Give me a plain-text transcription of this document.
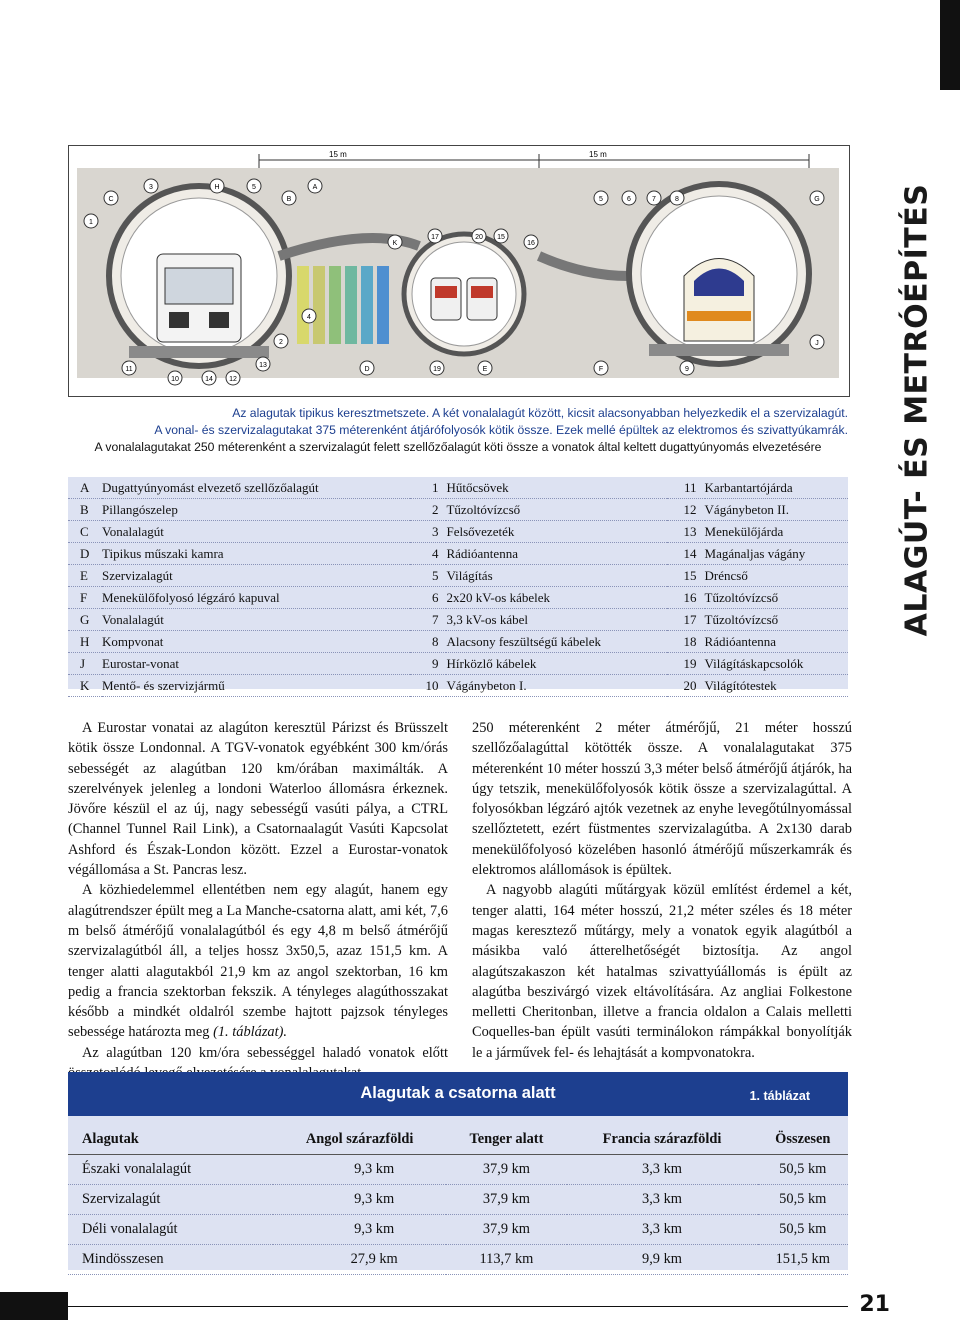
ALAGÚT- ÉS METRÓÉPÍTÉS
15 m	15 m
C
3	H	5
B
A
K
17	20 15
16
5	6	7	8	G
1
4
2
13
11
10	14 12
D	19	E	F	9
J
Az alagutak tipikus keresztmetszete. A két vonalalagút között, kicsit alacsonyabban helyezkedik el a szervizalagút.
A vonal- és szervizalagutakat 375 méterenként átjárófolyosók kötik össze. Ezek mellé épültek az elektromos és szivattyúkamrák.
A vonalalagutakat 250 méterenként a szervizalagút felett szellőzőalagút köti össze a vonatok által keltett dugattyúnyomás elvezetésére
A	Dugattyúnyomást elvezető szellőzőalagút	1	Hűtőcsövek	11	Karbantartójárda
B	Pillangószelep	2	Tűzoltóvízcső	12	Vágánybeton II.
C	Vonalalagút	3	Felsővezeték	13	Menekülőjárda
D	Tipikus műszaki kamra	4	Rádióantenna	14	Magánaljas vágány
E	Szervizalagút	5	Világítás	15	Dréncső
F	Menekülőfolyosó légzáró kapuval	6	2x20 kV-os kábelek	16	Tűzoltóvízcső
G	Vonalalagút	7	3,3 kV-os kábel	17	Tűzoltóvízcső
H	Kompvonat	8	Alacsony feszültségű kábelek	18	Rádióantenna
J	Eurostar-vonat	9	Hírközlő kábelek	19	Világításkapcsolók
K	Mentő- és szervizjármű	10	Vágánybeton I.	20	Világítótestek

A Eurostar vonatai az alagúton keresztül Párizst és Brüsszelt kötik össze Londonnal. A TGV-vonatok egyébként 300 km/órás sebességét az alagútban 120 km/órában maximálták. A szerelvények jelenleg a londoni Waterloo állomásra érkeznek. Jövőre készül el az új, nagy sebességű vasúti pálya, a CTRL (Channel Tunnel Rail Link), a Csatornaalagút Vasúti Kapcsolat Ashford és Észak-London között. Ezzel a Eurostar-vonatok végállomása a St. Pancras lesz.

A közhiedelemmel ellentétben nem egy alagút, hanem egy alagútrendszer épült meg a La Manche-csatorna alatt, ami két, 7,6 m belső átmérőjű vonalalagútból és egy 4,8 m belső átmérőjű szervizalagútból áll, a teljes hossz 3x50,5, azaz 151,5 km. A tenger alatti alagutakból 21,9 km az angol szektorban, 16 km pedig a francia szektorban fekszik. A tényleges alagúthosszakat később a mindkét oldalról szembe hajtott pajzsok tényleges sebessége határozta meg (1. táblázat).

Az alagútban 120 km/óra sebességgel haladó vonatok előtt

250 méterenként 2 méter átmérőjű, 21 méter hosszú szellőzőalagúttal kötötték össze. A vonalalagutakat 375 méterenként 10 méter hosszú 3,3 méter belső átmérőjű átjárók, ha úgy tetszik, menekülőfolyosók kötik össze a szervizalagúttal. A folyosókban légzáró ajtók vezetnek az enyhe levegőtúlnyomással szellőztetett, ezért füstmentes szervizalagútba. A 2x130 darab menekülőfolyosó közelében hasonló átmérőjű műszerkamrák és elektromos alállomások is épültek.

A nagyobb alagúti műtárgyak közül említést érdemel a két, tenger alatti, 164 méter hosszú, 21,2 méter széles és 18 méter magas keresztező műtárgy, mely a vonatok egyik alagútból a másikba való átterelhetőségét biztosítja. Az angol alagútszakaszon két hatalmas szivattyúállomás is épült az alagútba beszivárgó vizek eltávolítására. Az angliai Folkestone melletti Cheritonban, illetve a francia oldalon a Calais melletti Coquelles-ban épült vasúti terminálokon rámpákkal bonyolítják le a járművek fel- és lehajtását a kompvonatokra.

Alagutak a csatorna alatt	1. táblázat
Alagutak	Angol szárazföldi	Tenger alatt	Francia szárazföldi	Összesen
Északi vonalalagút	9,3 km	37,9 km	3,3 km	50,5 km
Szervizalagút	9,3 km	37,9 km	3,3 km	50,5 km
Déli vonalalagút	9,3 km	37,9 km	3,3 km	50,5 km
Mindösszesen	27,9 km	113,7 km	9,9 km	151,5 km
21
